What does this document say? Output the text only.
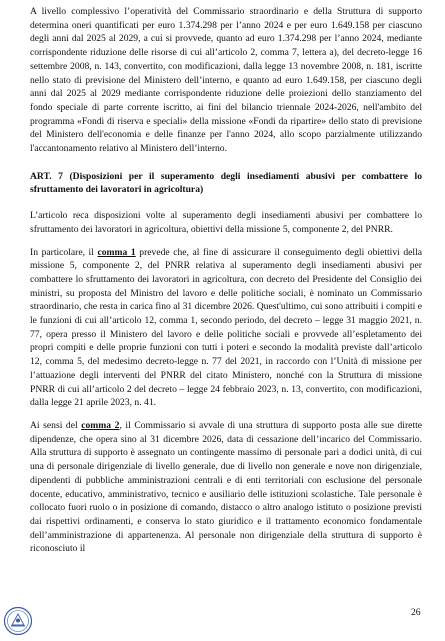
A livello complessivo l’operatività del Commissario straordinario e della Struttura di supporto determina oneri quantificati per euro 1.374.298 per l’anno 2024 e per euro 1.649.158 per ciascuno degli anni dal 2025 al 2029, a cui si provvede, quanto ad euro 1.374.298 per l’anno 2024, mediante corrispondente riduzione delle risorse di cui all’articolo 2, comma 7, lettera a), del decreto-legge 16 settembre 2008, n. 143, convertito, con modificazioni, dalla legge 13 novembre 2008, n. 181, iscritte nello stato di previsione del Ministero dell’interno, e quanto ad euro 1.649.158, per ciascuno degli anni dal 2025 al 2029 mediante corrispondente riduzione delle proiezioni dello stanziamento del fondo speciale di parte corrente iscritto, ai fini del bilancio triennale 2024-2026, nell'ambito del programma «Fondi di riserva e speciali» della missione «Fondi da ripartire» dello stato di previsione del Ministero dell'economia e delle finanze per l'anno 2024, allo scopo parzialmente utilizzando l'accantonamento relativo al Ministero dell’interno.

ART. 7 (Disposizioni per il superamento degli insediamenti abusivi per combattere lo sfruttamento dei lavoratori in agricoltura)

L’articolo reca disposizioni volte al superamento degli insediamenti abusivi per combattere lo sfruttamento dei lavoratori in agricoltura, obiettivi della missione 5, componente 2, del PNRR.

In particolare, il comma 1 prevede che, al fine di assicurare il conseguimento degli obiettivi della missione 5, componente 2, del PNRR relativa al superamento degli insediamenti abusivi per combattere lo sfruttamento dei lavoratori in agricoltura, con decreto del Presidente del Consiglio dei ministri, su proposta del Ministro del lavoro e delle politiche sociali, è nominato un Commissario straordinario, che resta in carica fino al 31 dicembre 2026. Quest'ultimo, cui sono attribuiti i compiti e le funzioni di cui all’articolo 12, comma 1, secondo periodo, del decreto – legge 31 maggio 2021, n. 77, opera presso il Ministero del lavoro e delle politiche sociali e provvede all’espletamento dei propri compiti e delle proprie funzioni con tutti i poteri e secondo la modalità previste dall’articolo 12, comma 5, del medesimo decreto-legge n. 77 del 2021, in raccordo con l’Unità di missione per l’attuazione degli interventi del PNRR del citato Ministero, nonché con la Struttura di missione PNRR di cui all’articolo 2 del decreto – legge 24 febbraio 2023, n. 13, convertito, con modificazioni, dalla legge 21 aprile 2023, n. 41.

Ai sensi del comma 2, il Commissario si avvale di una struttura di supporto posta alle sue dirette dipendenze, che opera sino al 31 dicembre 2026, data di cessazione dell’incarico del Commissario. Alla struttura di supporto è assegnato un contingente massimo di personale pari a dodici unità, di cui una di personale dirigenziale di livello generale, due di livello non generale e nove non dirigenziale, dipendenti di pubbliche amministrazioni centrali e di enti territoriali con esclusione del personale docente, educativo, amministrativo, tecnico e ausiliario delle istituzioni scolastiche. Tale personale è collocato fuori ruolo o in posizione di comando, distacco o altro analogo istituto o posizione previsti dai rispettivi ordinamenti, e conserva lo stato giuridico e il trattamento economico fondamentale dell’amministrazione di appartenenza. Al personale non dirigenziale della struttura di supporto è riconosciuto il

26
